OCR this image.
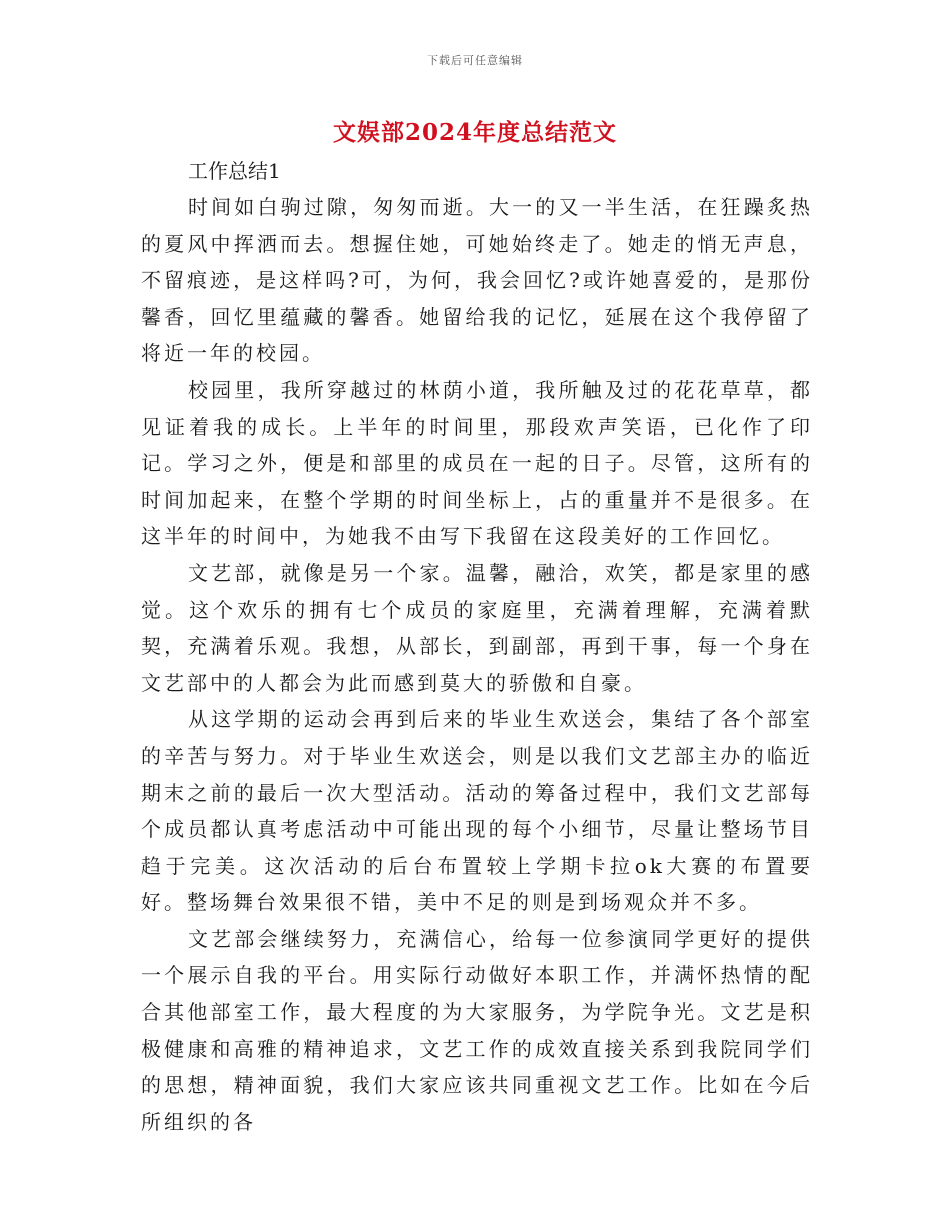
下载后可任意编辑
文娱部2024年度总结范文

工作总结1

时间如白驹过隙，匆匆而逝。大一的又一半生活，在狂躁炙热的夏风中挥洒而去。想握住她，可她始终走了。她走的悄无声息，不留痕迹，是这样吗?可，为何，我会回忆?或许她喜爱的，是那份馨香，回忆里蕴藏的馨香。她留给我的记忆，延展在这个我停留了将近一年的校园。

校园里，我所穿越过的林荫小道，我所触及过的花花草草，都见证着我的成长。上半年的时间里，那段欢声笑语，已化作了印记。学习之外，便是和部里的成员在一起的日子。尽管，这所有的时间加起来，在整个学期的时间坐标上，占的重量并不是很多。在这半年的时间中，为她我不由写下我留在这段美好的工作回忆。

文艺部，就像是另一个家。温馨，融洽，欢笑，都是家里的感觉。这个欢乐的拥有七个成员的家庭里，充满着理解，充满着默契，充满着乐观。我想，从部长，到副部，再到干事，每一个身在文艺部中的人都会为此而感到莫大的骄傲和自豪。

从这学期的运动会再到后来的毕业生欢送会，集结了各个部室的辛苦与努力。对于毕业生欢送会，则是以我们文艺部主办的临近期末之前的最后一次大型活动。活动的筹备过程中，我们文艺部每个成员都认真考虑活动中可能出现的每个小细节，尽量让整场节目趋于完美。这次活动的后台布置较上学期卡拉ok大赛的布置要好。整场舞台效果很不错，美中不足的则是到场观众并不多。

文艺部会继续努力，充满信心，给每一位参演同学更好的提供一个展示自我的平台。用实际行动做好本职工作，并满怀热情的配合其他部室工作，最大程度的为大家服务，为学院争光。文艺是积极健康和高雅的精神追求，文艺工作的成效直接关系到我院同学们的思想，精神面貌，我们大家应该共同重视文艺工作。比如在今后所组织的各
